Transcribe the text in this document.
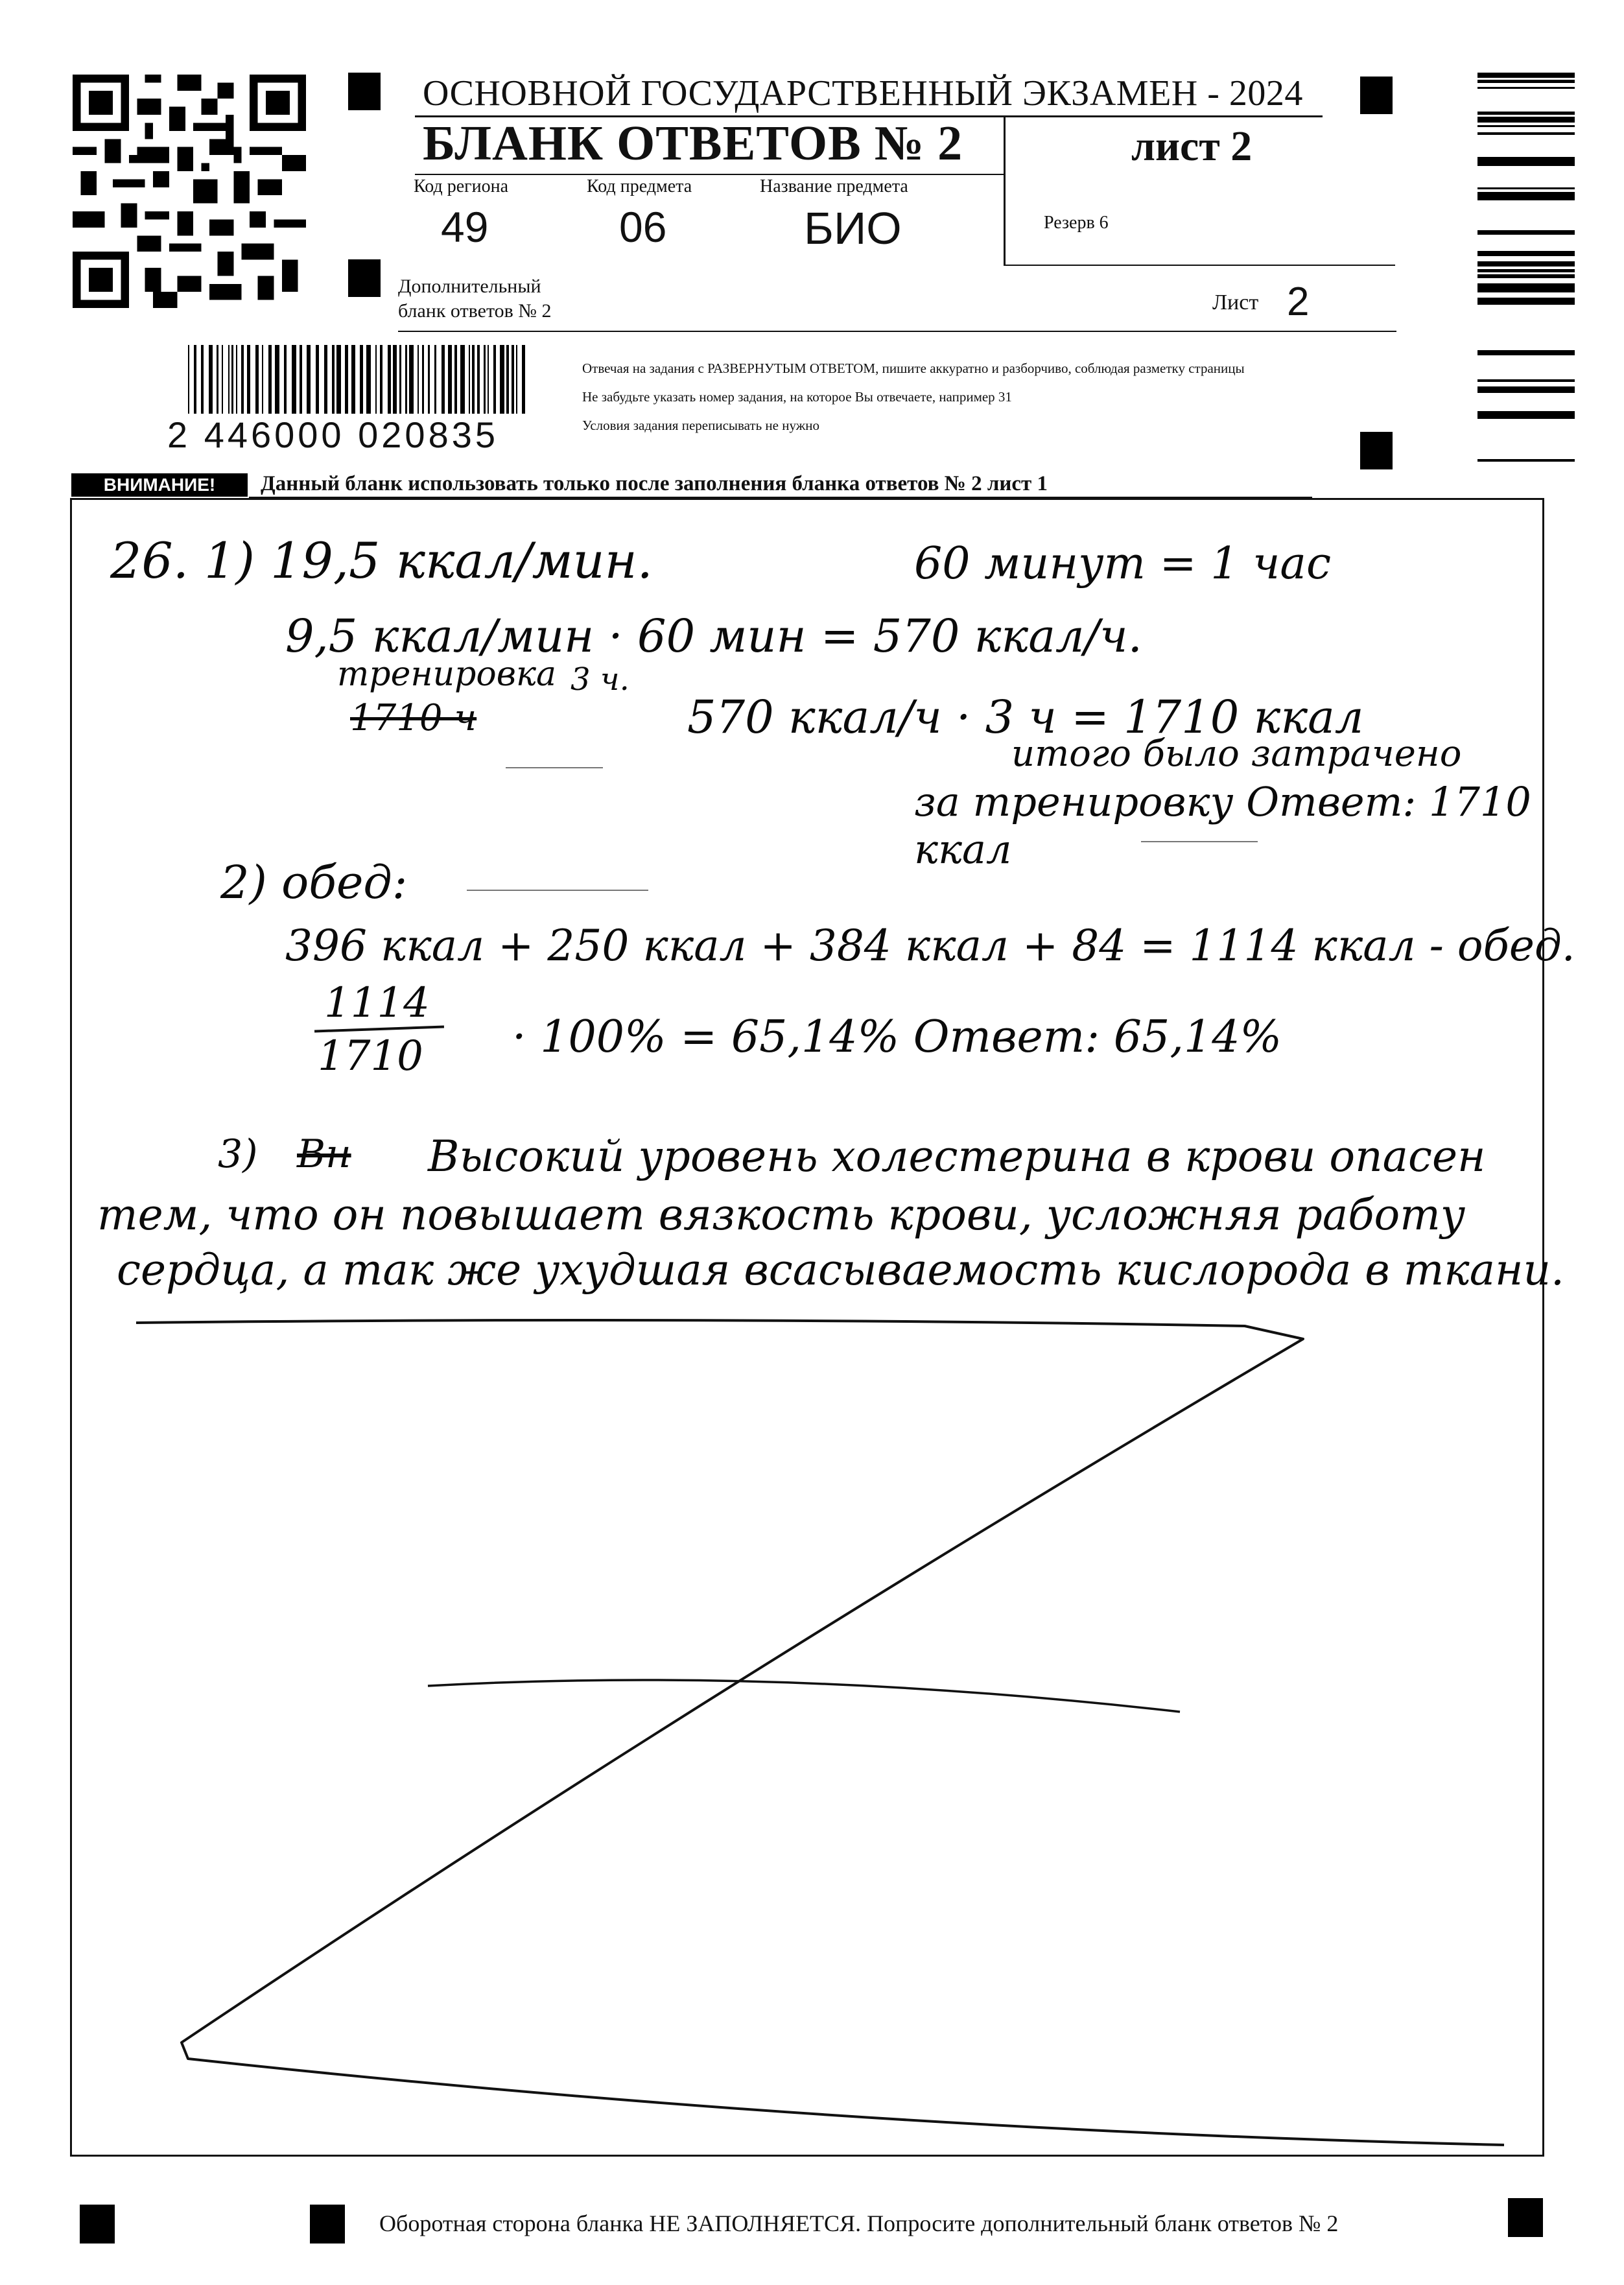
ОСНОВНОЙ ГОСУДАРСТВЕННЫЙ ЭКЗАМЕН - 2024
БЛАНК ОТВЕТОВ № 2	лист 2
Код региона
49
Код предмета
06
Название предмета
БИО	Резерв 6
Дополнительный
бланк ответов № 2	Лист 2
2 446000 020835
Отвечая на задания с РАЗВЕРНУТЫМ ОТВЕТОМ, пишите аккуратно и разборчиво, соблюдая разметку страницы
Не забудьте указать номер задания, на которое Вы отвечаете, например 31
Условия задания переписывать не нужно
ВНИМАНИЕ!	Данный бланк использовать только после заполнения бланка ответов № 2 лист 1
26. 1) 19,5 ккал/мин.	60 минут = 1 час
9,5 ккал/мин · 60 мин = 570 ккал/ч.
тренировка 3 ч.
1710 ч	570 ккал/ч · 3 ч = 1710 ккал
итого было затрачено
за тренировку Ответ: 1710 ккал
2) обед:
396 ккал + 250 ккал + 384 ккал + 84 = 1114 ккал - обед.
1114
1710 · 100% = 65,14% Ответ: 65,14%
3) Вн Высокий уровень холестерина в крови опасен
тем, что он повышает вязкость крови, усложняя работу
сердца, а так же ухудшая всасываемость кислорода в ткани.
Оборотная сторона бланка НЕ ЗАПОЛНЯЕТСЯ. Попросите дополнительный бланк ответов № 2
